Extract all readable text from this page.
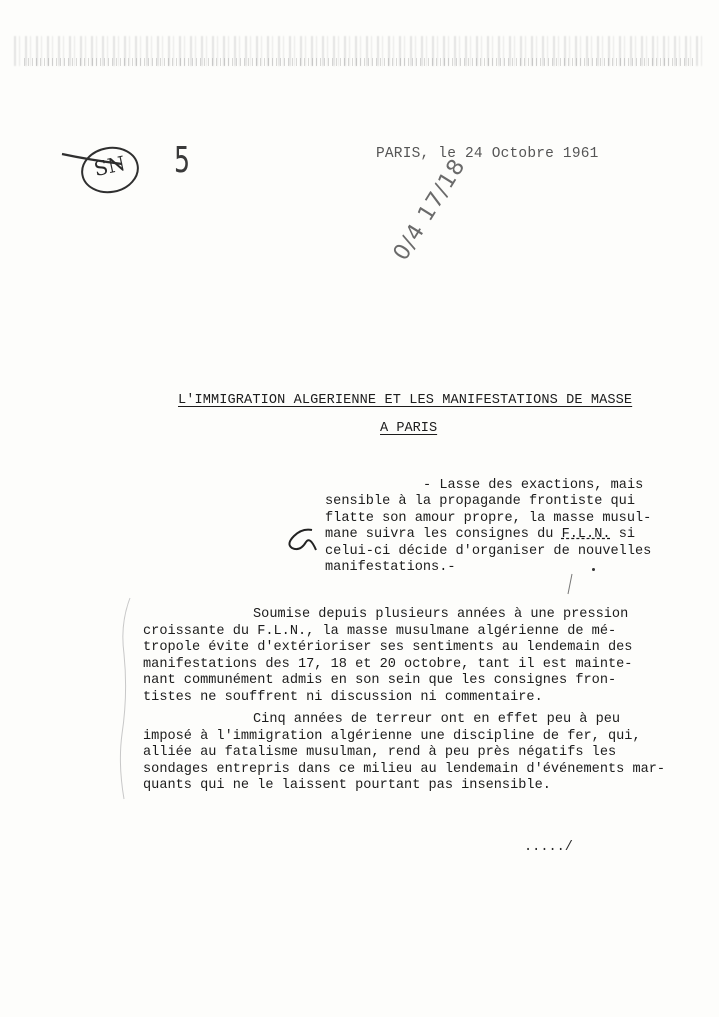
SN 5	PARIS, le 24 Octobre 1961
0/4 17/18
L'IMMIGRATION ALGERIENNE ET LES MANIFESTATIONS DE MASSE
A PARIS
- Lasse des exactions, mais
sensible à la propagande frontiste qui
flatte son amour propre, la masse musul-
mane suivra les consignes du F.L.N. si
celui-ci décide d'organiser de nouvelles
manifestations.-
Soumise depuis plusieurs années à une pression
croissante du F.L.N., la masse musulmane algérienne de mé-
tropole évite d'extérioriser ses sentiments au lendemain des
manifestations des 17, 18 et 20 octobre, tant il est mainte-
nant communément admis en son sein que les consignes fron-
tistes ne souffrent ni discussion ni commentaire.
Cinq années de terreur ont en effet peu à peu
imposé à l'immigration algérienne une discipline de fer, qui,
alliée au fatalisme musulman, rend à peu près négatifs les
sondages entrepris dans ce milieu au lendemain d'événements mar-
quants qui ne le laissent pourtant pas insensible.
...../
